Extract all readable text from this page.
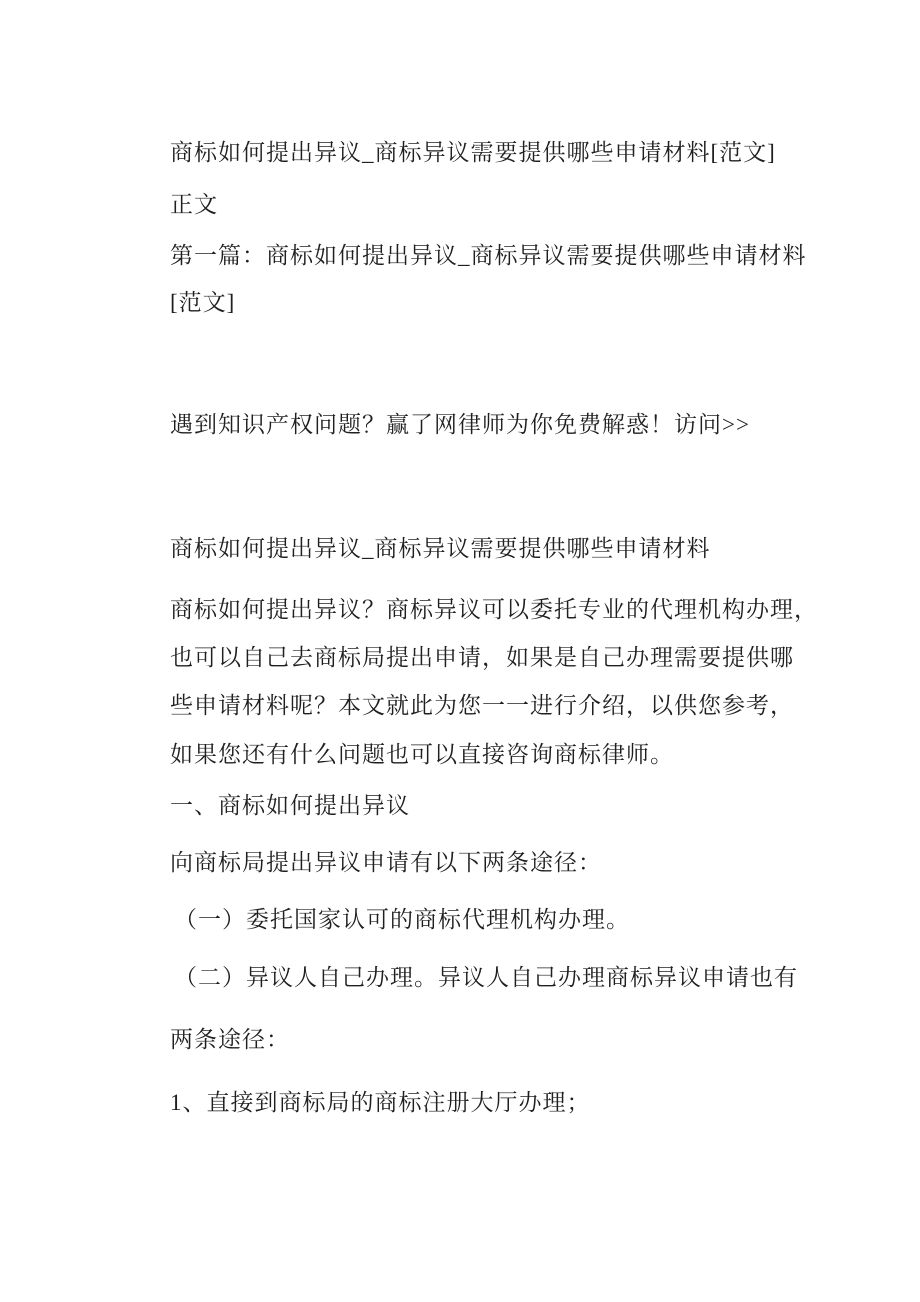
商标如何提出异议_商标异议需要提供哪些申请材料[范文]
正文
第一篇：商标如何提出异议_商标异议需要提供哪些申请材料
[范文]
遇到知识产权问题？赢了网律师为你免费解惑！访问>>
商标如何提出异议_商标异议需要提供哪些申请材料
商标如何提出异议？商标异议可以委托专业的代理机构办理，
也可以自己去商标局提出申请，如果是自己办理需要提供哪
些申请材料呢？本文就此为您一一进行介绍，以供您参考，
如果您还有什么问题也可以直接咨询商标律师。
一、商标如何提出异议
向商标局提出异议申请有以下两条途径：
（一）委托国家认可的商标代理机构办理。
（二）异议人自己办理。异议人自己办理商标异议申请也有
两条途径：
1、直接到商标局的商标注册大厅办理；
